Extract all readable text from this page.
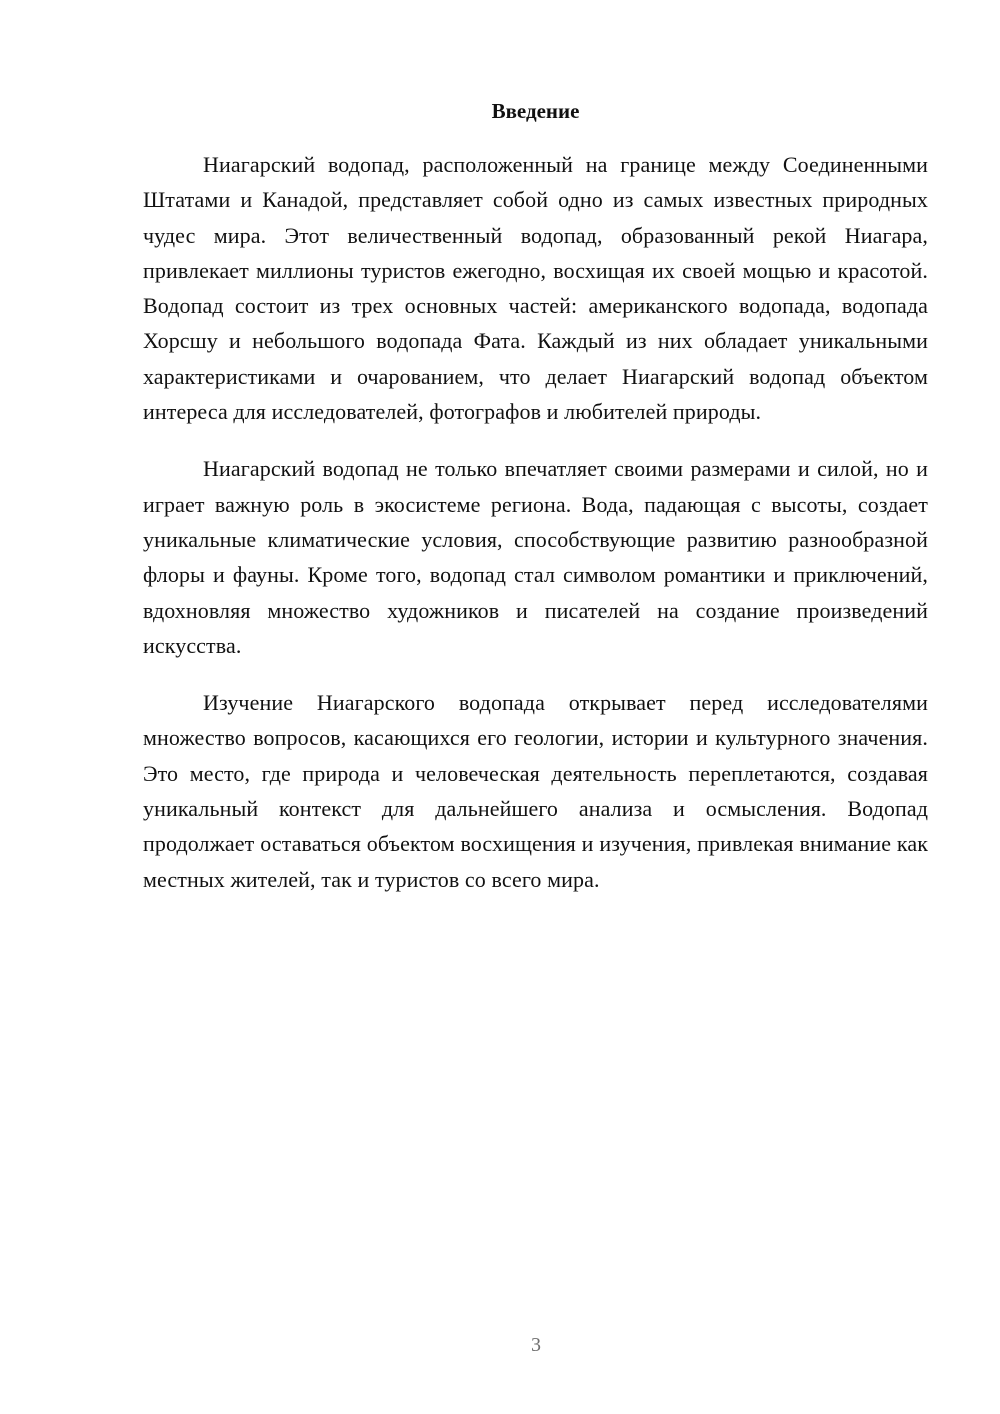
Введение

Ниагарский водопад, расположенный на границе между Соединенными Штатами и Канадой, представляет собой одно из самых известных природных чудес мира. Этот величественный водопад, образованный рекой Ниагара, привлекает миллионы туристов ежегодно, восхищая их своей мощью и красотой. Водопад состоит из трех основных частей: американского водопада, водопада Хорсшу и небольшого водопада Фата. Каждый из них обладает уникальными характеристиками и очарованием, что делает Ниагарский водопад объектом интереса для исследователей, фотографов и любителей природы.

Ниагарский водопад не только впечатляет своими размерами и силой, но и играет важную роль в экосистеме региона. Вода, падающая с высоты, создает уникальные климатические условия, способствующие развитию разнообразной флоры и фауны. Кроме того, водопад стал символом романтики и приключений, вдохновляя множество художников и писателей на создание произведений искусства.

Изучение Ниагарского водопада открывает перед исследователями множество вопросов, касающихся его геологии, истории и культурного значения. Это место, где природа и человеческая деятельность переплетаются, создавая уникальный контекст для дальнейшего анализа и осмысления. Водопад продолжает оставаться объектом восхищения и изучения, привлекая внимание как местных жителей, так и туристов со всего мира.

3
